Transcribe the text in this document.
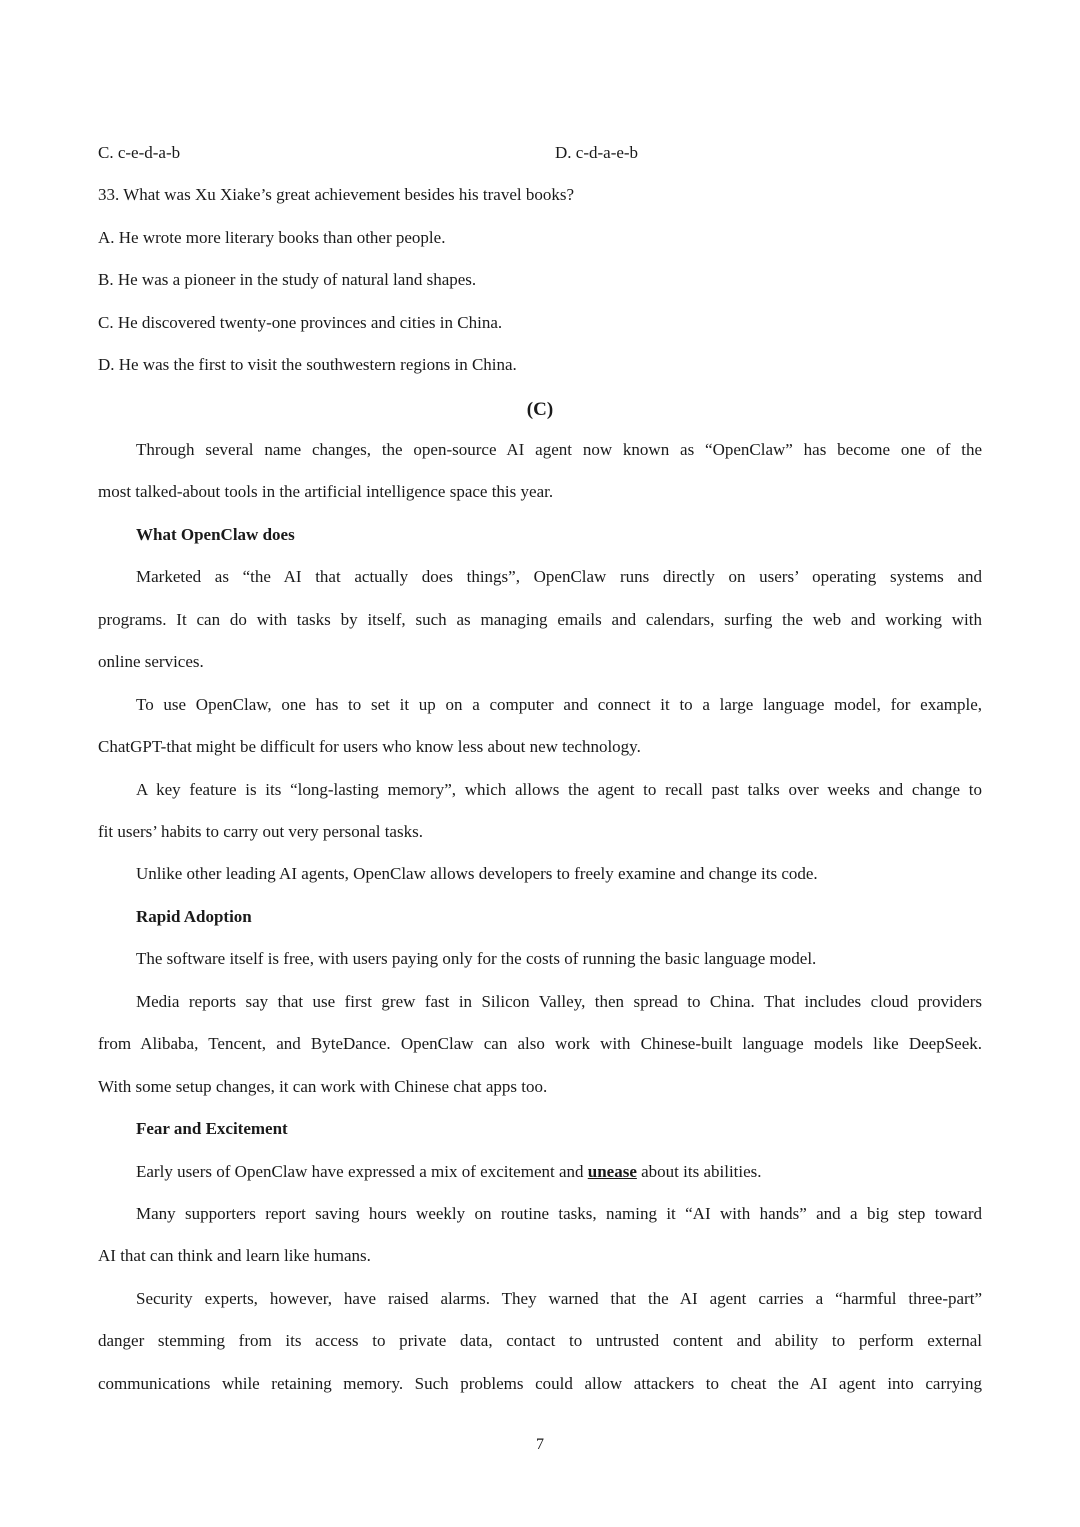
C. c-e-d-a-b	D. c-d-a-e-b
33. What was Xu Xiake’s great achievement besides his travel books?
A. He wrote more literary books than other people.
B. He was a pioneer in the study of natural land shapes.
C. He discovered twenty-one provinces and cities in China.
D. He was the first to visit the southwestern regions in China.
(C)
Through several name changes, the open-source AI agent now known as “OpenClaw” has become one of the
most talked-about tools in the artificial intelligence space this year.
What OpenClaw does
Marketed as “the AI that actually does things”, OpenClaw runs directly on users’ operating systems and
programs. It can do with tasks by itself, such as managing emails and calendars, surfing the web and working with
online services.
To use OpenClaw, one has to set it up on a computer and connect it to a large language model, for example,
ChatGPT-that might be difficult for users who know less about new technology.
A key feature is its “long-lasting memory”, which allows the agent to recall past talks over weeks and change to
fit users’ habits to carry out very personal tasks.
Unlike other leading AI agents, OpenClaw allows developers to freely examine and change its code.
Rapid Adoption
The software itself is free, with users paying only for the costs of running the basic language model.
Media reports say that use first grew fast in Silicon Valley, then spread to China. That includes cloud providers
from Alibaba, Tencent, and ByteDance. OpenClaw can also work with Chinese-built language models like DeepSeek.
With some setup changes, it can work with Chinese chat apps too.
Fear and Excitement
Early users of OpenClaw have expressed a mix of excitement and unease about its abilities.
Many supporters report saving hours weekly on routine tasks, naming it “AI with hands” and a big step toward
AI that can think and learn like humans.
Security experts, however, have raised alarms. They warned that the AI agent carries a “harmful three-part”
danger stemming from its access to private data, contact to untrusted content and ability to perform external
communications while retaining memory. Such problems could allow attackers to cheat the AI agent into carrying
7
